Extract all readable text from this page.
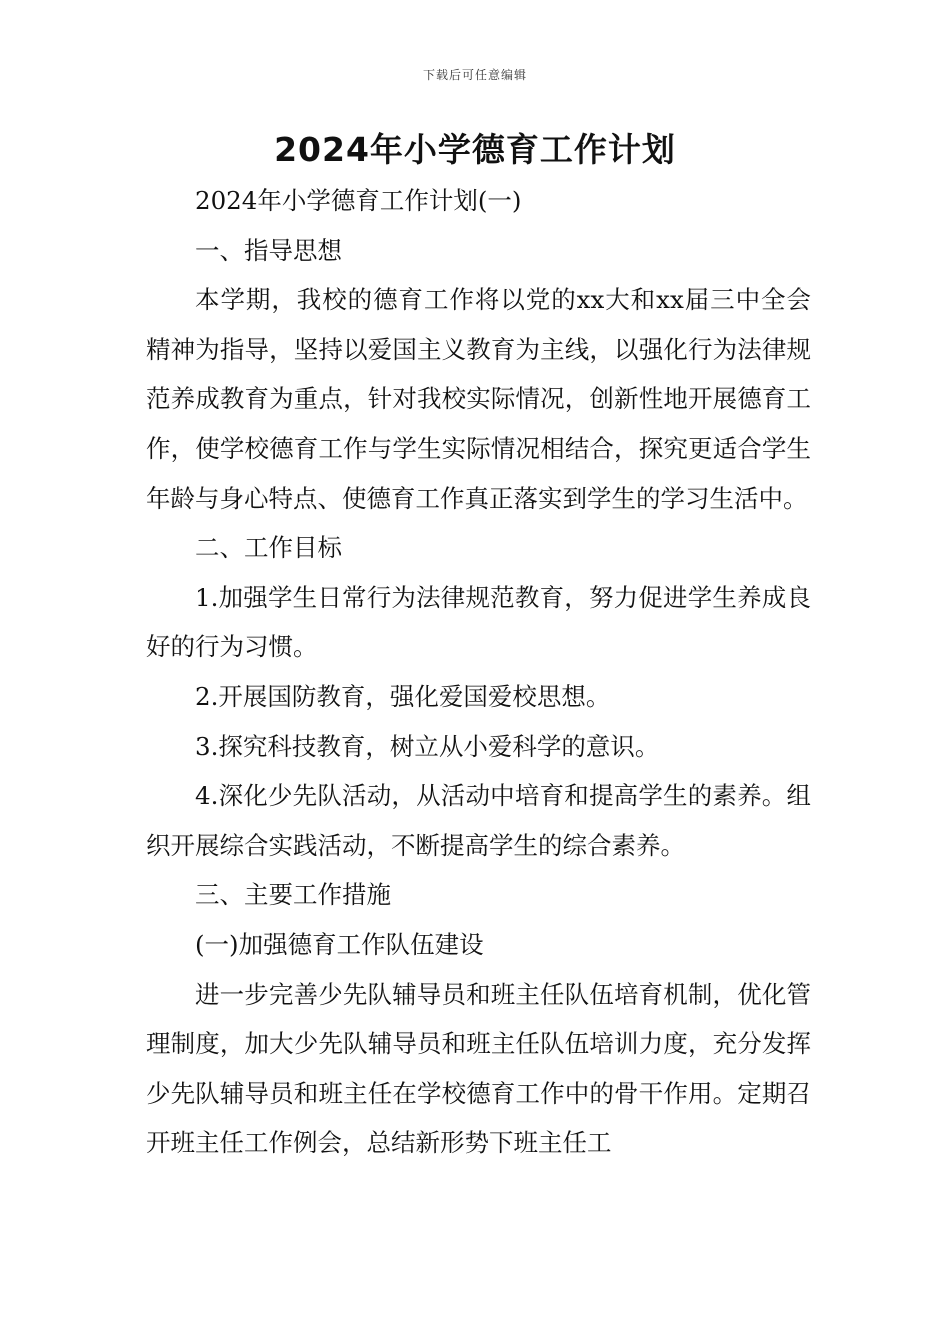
下载后可任意编辑
2024年小学德育工作计划

2024年小学德育工作计划(一)

一、指导思想

本学期，我校的德育工作将以党的xx大和xx届三中全会精神为指导，坚持以爱国主义教育为主线，以强化行为法律规范养成教育为重点，针对我校实际情况，创新性地开展德育工作，使学校德育工作与学生实际情况相结合，探究更适合学生年龄与身心特点、使德育工作真正落实到学生的学习生活中。

二、工作目标

1.加强学生日常行为法律规范教育，努力促进学生养成良好的行为习惯。

2.开展国防教育，强化爱国爱校思想。

3.探究科技教育，树立从小爱科学的意识。

4.深化少先队活动，从活动中培育和提高学生的素养。组织开展综合实践活动，不断提高学生的综合素养。

三、主要工作措施

(一)加强德育工作队伍建设

进一步完善少先队辅导员和班主任队伍培育机制，优化管理制度，加大少先队辅导员和班主任队伍培训力度，充分发挥少先队辅导员和班主任在学校德育工作中的骨干作用。定期召开班主任工作例会，总结新形势下班主任工
